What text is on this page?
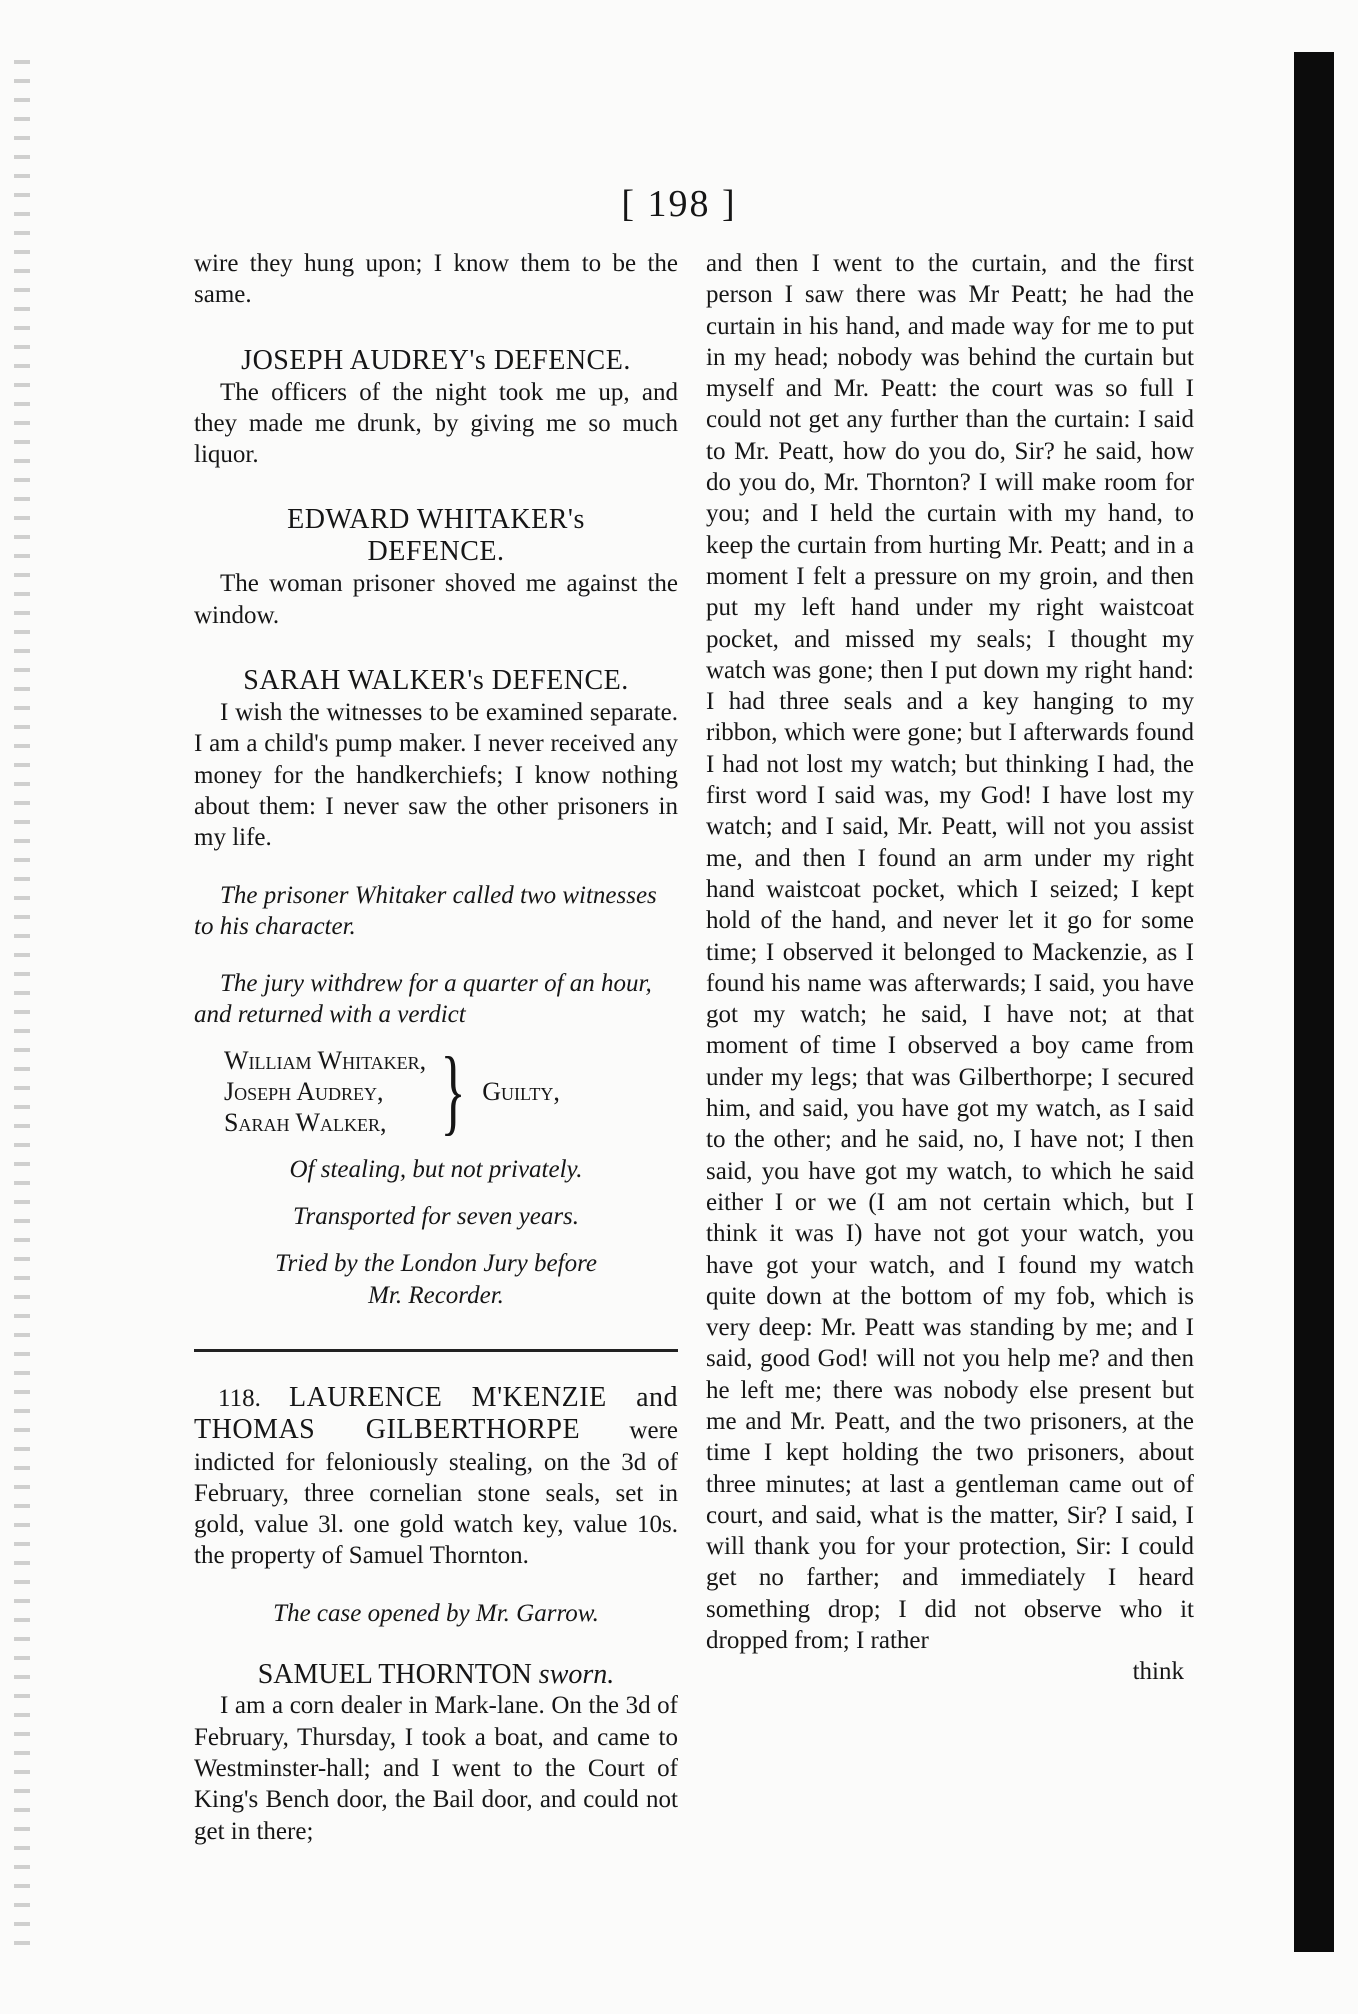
[ 198 ]

wire they hung upon; I know them to be the same.

JOSEPH AUDREY's DEFENCE.

The officers of the night took me up, and they made me drunk, by giving me so much liquor.

EDWARD WHITAKER's DEFENCE.

The woman prisoner shoved me against the window.

SARAH WALKER's DEFENCE.

I wish the witnesses to be examined separate. I am a child's pump maker. I never received any money for the handkerchiefs; I know nothing about them: I never saw the other prisoners in my life.

The prisoner Whitaker called two witnesses to his character.

The jury withdrew for a quarter of an hour, and returned with a verdict

William Whitaker,
Joseph Audrey,
Sarah Walker, } Guilty,

Of stealing, but not privately.

Transported for seven years.

Tried by the London Jury before

Mr. Recorder.

118. LAURENCE M'KENZIE and THOMAS GILBERTHORPE were indicted for feloniously stealing, on the 3d of February, three cornelian stone seals, set in gold, value 3l. one gold watch key, value 10s. the property of Samuel Thornton.

The case opened by Mr. Garrow.

SAMUEL THORNTON sworn.

I am a corn dealer in Mark-lane. On the 3d of February, Thursday, I took a boat, and came to Westminster-hall; and I went to the Court of King's Bench door, the Bail door, and could not get in there;

and then I went to the curtain, and the first person I saw there was Mr Peatt; he had the curtain in his hand, and made way for me to put in my head; nobody was behind the curtain but myself and Mr. Peatt: the court was so full I could not get any further than the curtain: I said to Mr. Peatt, how do you do, Sir? he said, how do you do, Mr. Thornton? I will make room for you; and I held the curtain with my hand, to keep the curtain from hurting Mr. Peatt; and in a moment I felt a pressure on my groin, and then put my left hand under my right waistcoat pocket, and missed my seals; I thought my watch was gone; then I put down my right hand: I had three seals and a key hanging to my ribbon, which were gone; but I afterwards found I had not lost my watch; but thinking I had, the first word I said was, my God! I have lost my watch; and I said, Mr. Peatt, will not you assist me, and then I found an arm under my right hand waistcoat pocket, which I seized; I kept hold of the hand, and never let it go for some time; I observed it belonged to Mackenzie, as I found his name was afterwards; I said, you have got my watch; he said, I have not; at that moment of time I observed a boy came from under my legs; that was Gilberthorpe; I secured him, and said, you have got my watch, as I said to the other; and he said, no, I have not; I then said, you have got my watch, to which he said either I or we (I am not certain which, but I think it was I) have not got your watch, you have got your watch, and I found my watch quite down at the bottom of my fob, which is very deep: Mr. Peatt was standing by me; and I said, good God! will not you help me? and then he left me; there was nobody else present but me and Mr. Peatt, and the two prisoners, at the time I kept holding the two prisoners, about three minutes; at last a gentleman came out of court, and said, what is the matter, Sir? I said, I will thank you for your protection, Sir: I could get no farther; and immediately I heard something drop; I did not observe who it dropped from; I rather

think
